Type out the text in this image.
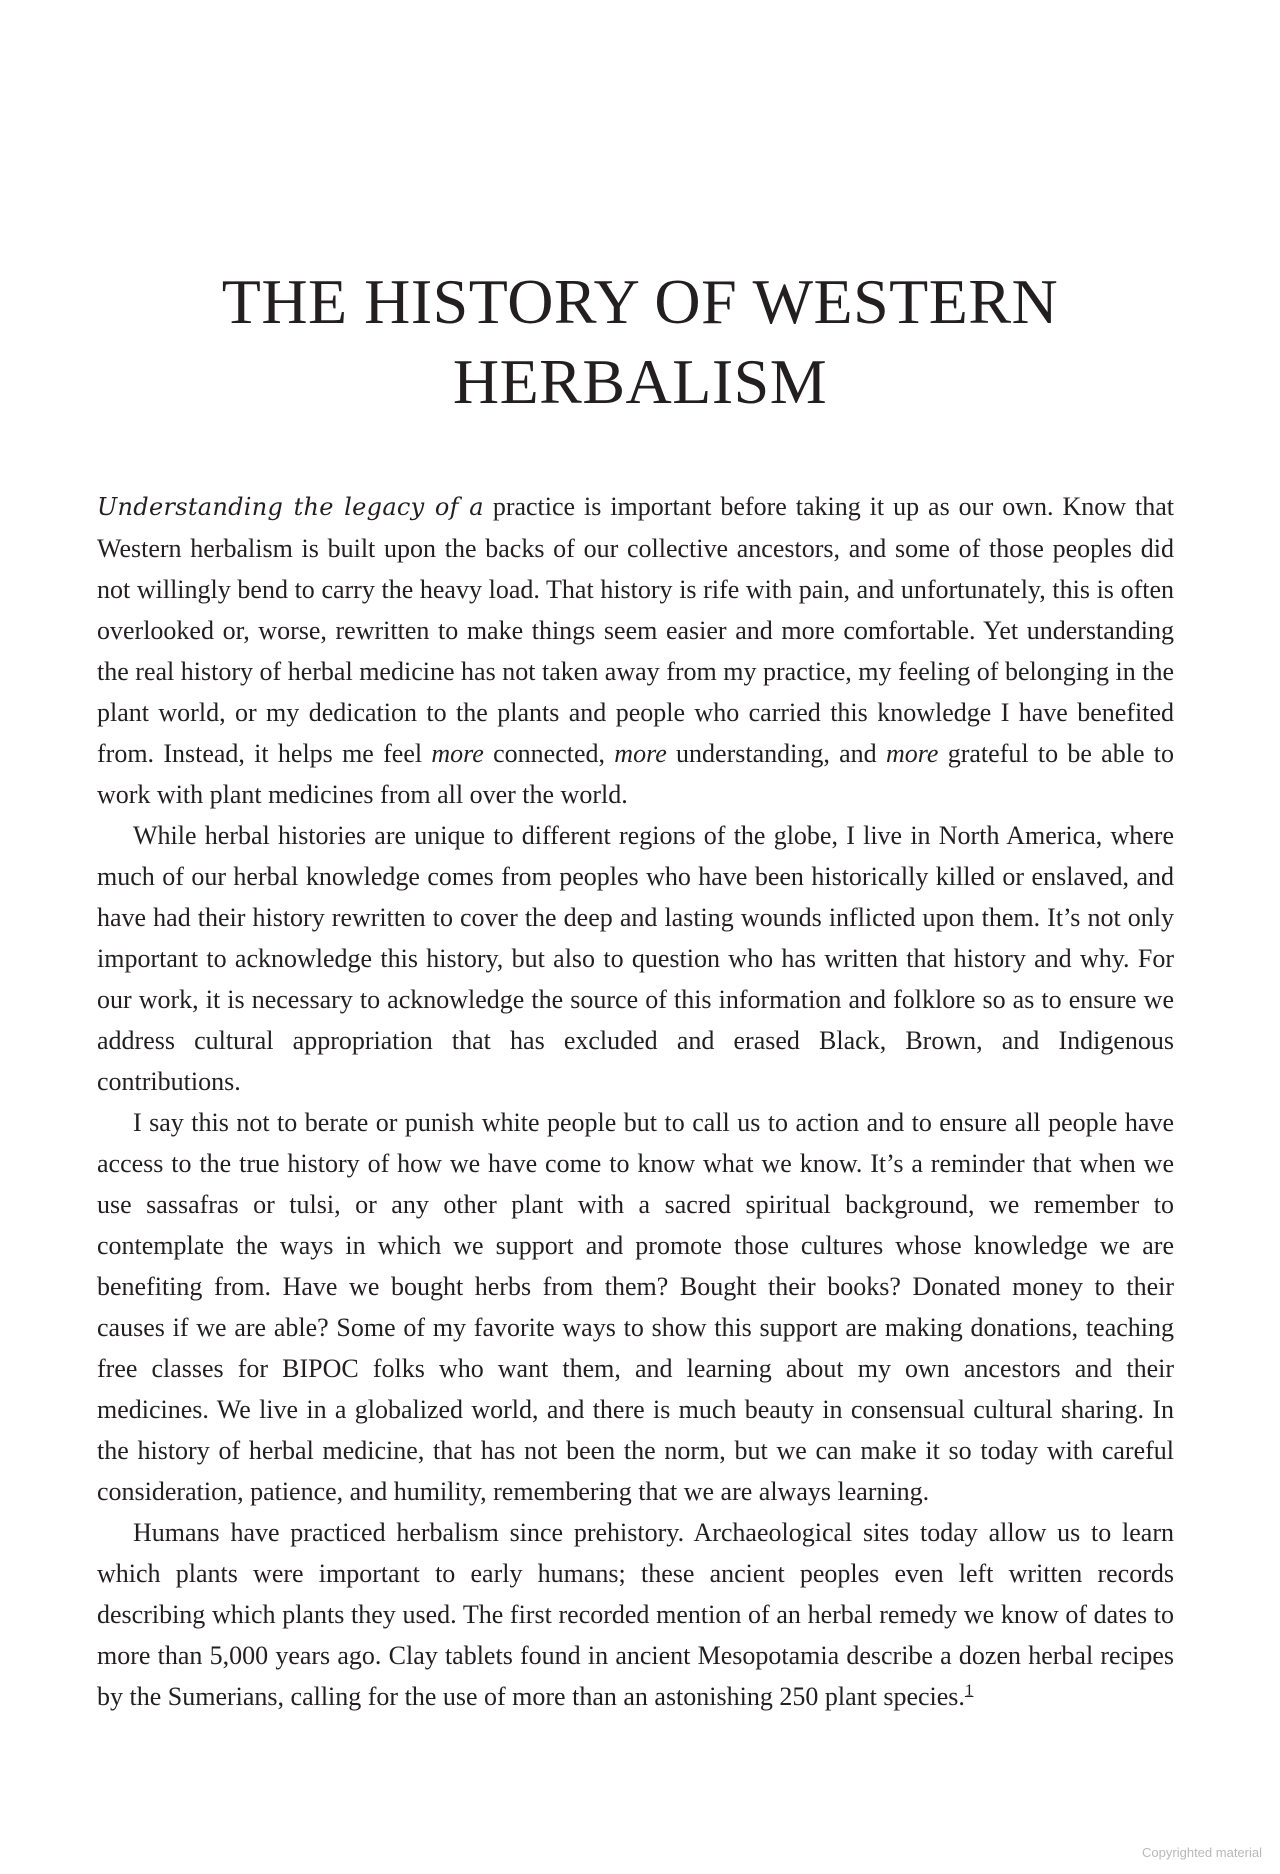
THE HISTORY OF WESTERN HERBALISM

Understanding the legacy of a practice is important before taking it up as our own. Know that Western herbalism is built upon the backs of our collective ancestors, and some of those peoples did not willingly bend to carry the heavy load. That history is rife with pain, and unfortunately, this is often overlooked or, worse, rewritten to make things seem easier and more comfortable. Yet understanding the real history of herbal medicine has not taken away from my practice, my feeling of belonging in the plant world, or my dedication to the plants and people who carried this knowledge I have benefited from. Instead, it helps me feel more connected, more understanding, and more grateful to be able to work with plant medicines from all over the world.

While herbal histories are unique to different regions of the globe, I live in North America, where much of our herbal knowledge comes from peoples who have been historically killed or enslaved, and have had their history rewritten to cover the deep and lasting wounds inflicted upon them. It’s not only important to acknowledge this history, but also to question who has written that history and why. For our work, it is necessary to acknowledge the source of this information and folklore so as to ensure we address cultural appropriation that has excluded and erased Black, Brown, and Indigenous contributions.

I say this not to berate or punish white people but to call us to action and to ensure all people have access to the true history of how we have come to know what we know. It’s a reminder that when we use sassafras or tulsi, or any other plant with a sacred spiritual background, we remember to contemplate the ways in which we support and promote those cultures whose knowledge we are benefiting from. Have we bought herbs from them? Bought their books? Donated money to their causes if we are able? Some of my favorite ways to show this support are making donations, teaching free classes for BIPOC folks who want them, and learning about my own ancestors and their medicines. We live in a globalized world, and there is much beauty in consensual cultural sharing. In the history of herbal medicine, that has not been the norm, but we can make it so today with careful consideration, patience, and humility, remembering that we are always learning.

Humans have practiced herbalism since prehistory. Archaeological sites today allow us to learn which plants were important to early humans; these ancient peoples even left written records describing which plants they used. The first recorded mention of an herbal remedy we know of dates to more than 5,000 years ago. Clay tablets found in ancient Mesopotamia describe a dozen herbal recipes by the Sumerians, calling for the use of more than an astonishing 250 plant species.$^1$

Copyrighted material
